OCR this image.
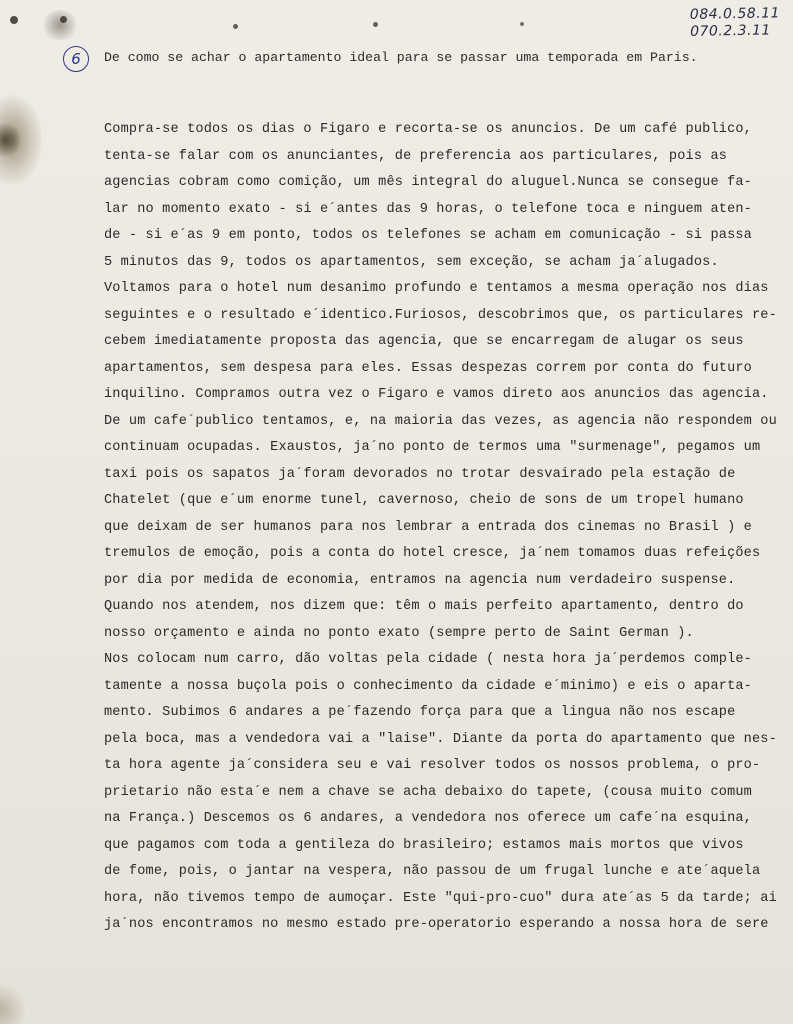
084.0.58.11
070.2.3.11
6	De como se achar o apartamento ideal para se passar uma temporada em Paris.
Compra-se todos os dias o Figaro e recorta-se os anuncios. De um café publico,
tenta-se falar com os anunciantes, de preferencia aos particulares, pois as
agencias cobram como comição, um mês integral do aluguel.Nunca se consegue fa-
lar no momento exato - si e´antes das 9 horas, o telefone toca e ninguem aten-
de - si e´as 9 em ponto, todos os telefones se acham em comunicação - si passa
5 minutos das 9, todos os apartamentos, sem exceção, se acham ja´alugados.
Voltamos para o hotel num desanimo profundo e tentamos a mesma operação nos dias
seguintes e o resultado e´identico.Furiosos, descobrimos que, os particulares re-
cebem imediatamente proposta das agencia, que se encarregam de alugar os seus
apartamentos, sem despesa para eles. Essas despezas correm por conta do futuro
inquilino. Compramos outra vez o Figaro e vamos direto aos anuncios das agencia.
De um cafe´publico tentamos, e, na maioria das vezes, as agencia não respondem ou
continuam ocupadas. Exaustos, ja´no ponto de termos uma "surmenage", pegamos um
taxi pois os sapatos ja´foram devorados no trotar desvairado pela estação de
Chatelet (que e´um enorme tunel, cavernoso, cheio de sons de um tropel humano
que deixam de ser humanos para nos lembrar a entrada dos cinemas no Brasil ) e
tremulos de emoção, pois a conta do hotel cresce, ja´nem tomamos duas refeições
por dia por medida de economia, entramos na agencia num verdadeiro suspense.
Quando nos atendem, nos dizem que: têm o mais perfeito apartamento, dentro do
nosso orçamento e ainda no ponto exato (sempre perto de Saint German ).
Nos colocam num carro, dão voltas pela cidade ( nesta hora ja´perdemos comple-
tamente a nossa buçola pois o conhecimento da cidade e´minimo) e eis o aparta-
mento. Subimos 6 andares a pe´fazendo força para que a lingua não nos escape
pela boca, mas a vendedora vai a "laise". Diante da porta do apartamento que nes-
ta hora agente ja´considera seu e vai resolver todos os nossos problema, o pro-
prietario não esta´e nem a chave se acha debaixo do tapete, (cousa muito comum
na França.) Descemos os 6 andares, a vendedora nos oferece um cafe´na esquina,
que pagamos com toda a gentileza do brasileiro; estamos mais mortos que vivos
de fome, pois, o jantar na vespera, não passou de um frugal lunche e ate´aquela
hora, não tivemos tempo de aumoçar. Este "qui-pro-cuo" dura ate´as 5 da tarde; ai
ja´nos encontramos no mesmo estado pre-operatorio esperando a nossa hora de sere
